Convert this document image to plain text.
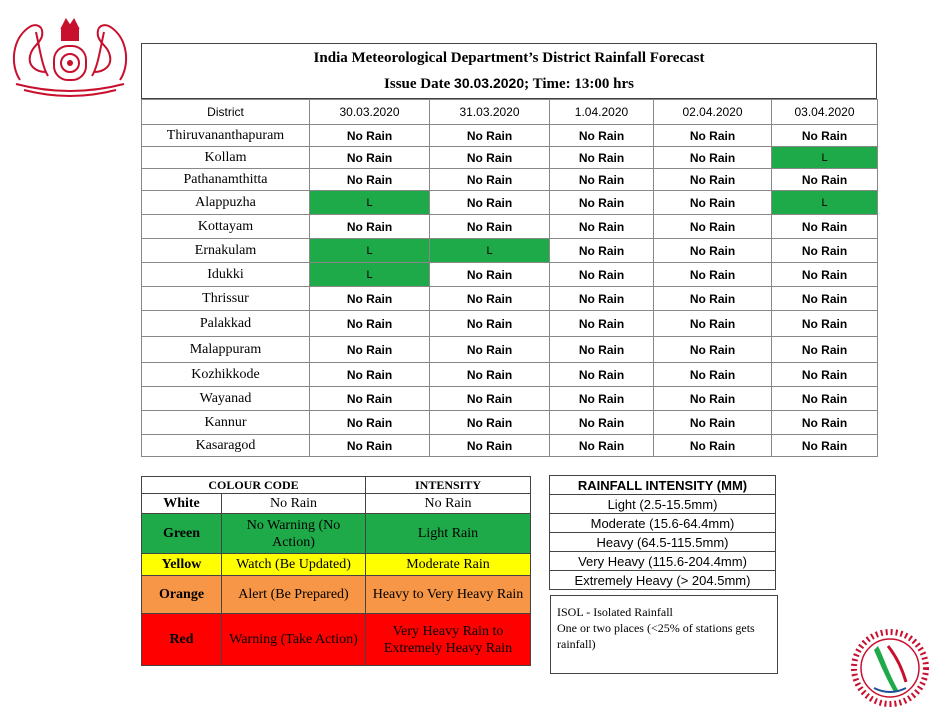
India Meteorological Department’s District Rainfall Forecast
Issue Date 30.03.2020; Time: 13:00 hrs
District	30.03.2020	31.03.2020	1.04.2020	02.04.2020	03.04.2020
Thiruvananthapuram	No Rain	No Rain	No Rain	No Rain	No Rain
Kollam	No Rain	No Rain	No Rain	No Rain	L
Pathanamthitta	No Rain	No Rain	No Rain	No Rain	No Rain
Alappuzha	L	No Rain	No Rain	No Rain	L
Kottayam	No Rain	No Rain	No Rain	No Rain	No Rain
Ernakulam	L	L	No Rain	No Rain	No Rain
Idukki	L	No Rain	No Rain	No Rain	No Rain
Thrissur	No Rain	No Rain	No Rain	No Rain	No Rain
Palakkad	No Rain	No Rain	No Rain	No Rain	No Rain
Malappuram	No Rain	No Rain	No Rain	No Rain	No Rain
Kozhikkode	No Rain	No Rain	No Rain	No Rain	No Rain
Wayanad	No Rain	No Rain	No Rain	No Rain	No Rain
Kannur	No Rain	No Rain	No Rain	No Rain	No Rain
Kasaragod	No Rain	No Rain	No Rain	No Rain	No Rain
COLOUR CODE		INTENSITY
White	No Rain	No Rain
Green	No Warning (No Action)	Light Rain
Yellow	Watch (Be Updated)	Moderate Rain
Orange	Alert (Be Prepared)	Heavy to Very Heavy Rain
Red	Warning (Take Action)	Very Heavy Rain to Extremely Heavy Rain
RAINFALL INTENSITY (MM)
Light (2.5-15.5mm)
Moderate (15.6-64.4mm)
Heavy (64.5-115.5mm)
Very Heavy (115.6-204.4mm)
Extremely Heavy (> 204.5mm)
ISOL - Isolated Rainfall
One or two places (<25% of stations gets rainfall)
